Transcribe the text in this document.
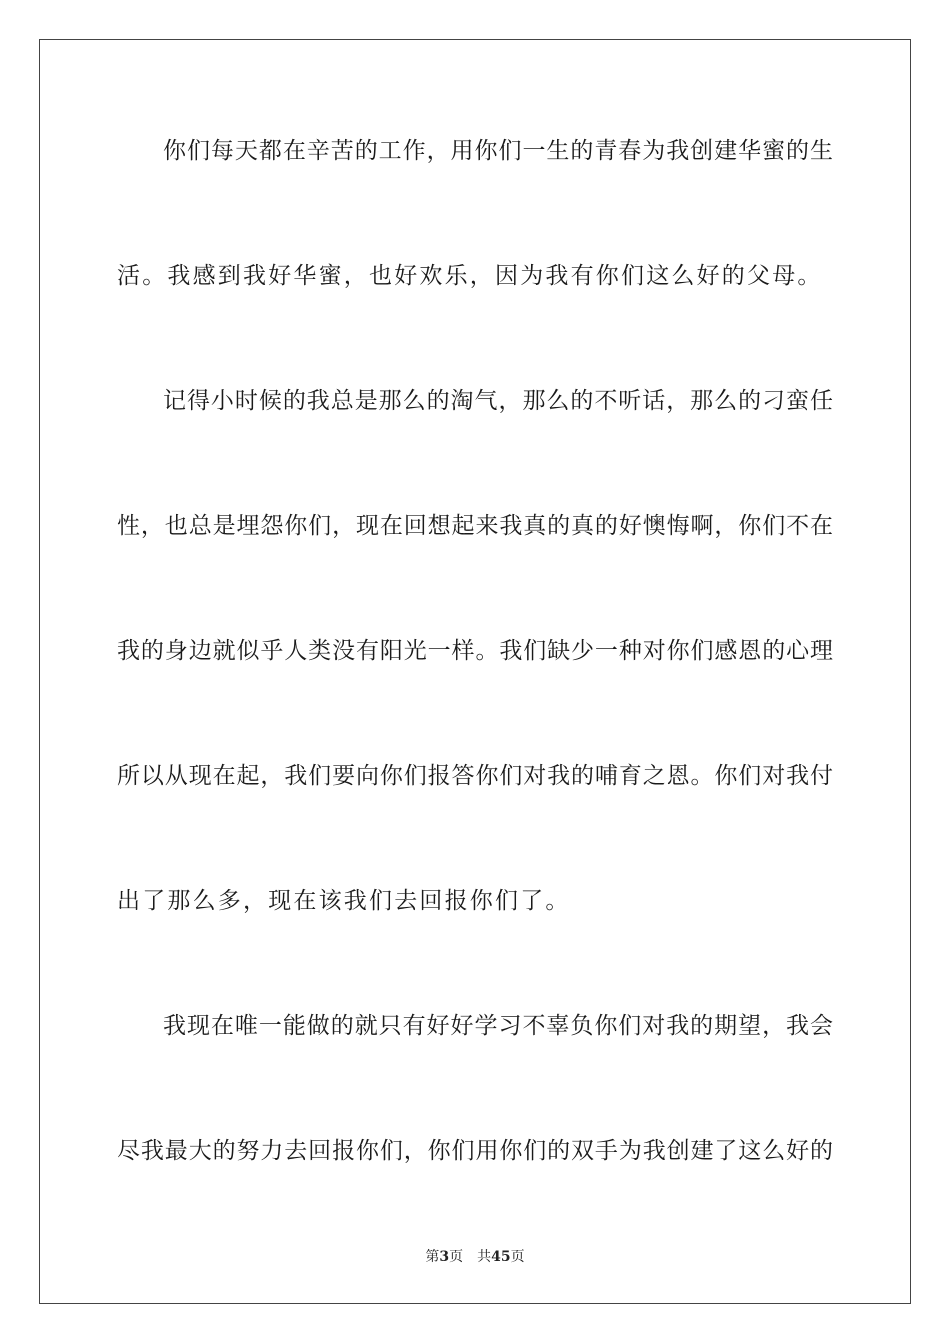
你们每天都在辛苦的工作，用你们一生的青春为我创建华蜜的生
活。我感到我好华蜜，也好欢乐，因为我有你们这么好的父母。
记得小时候的我总是那么的淘气，那么的不听话，那么的刁蛮任
性，也总是埋怨你们，现在回想起来我真的真的好懊悔啊，你们不在
我的身边就似乎人类没有阳光一样。我们缺少一种对你们感恩的心理
所以从现在起，我们要向你们报答你们对我的哺育之恩。你们对我付
出了那么多，现在该我们去回报你们了。
我现在唯一能做的就只有好好学习不辜负你们对我的期望，我会
尽我最大的努力去回报你们，你们用你们的双手为我创建了这么好的
第3页 共45页
